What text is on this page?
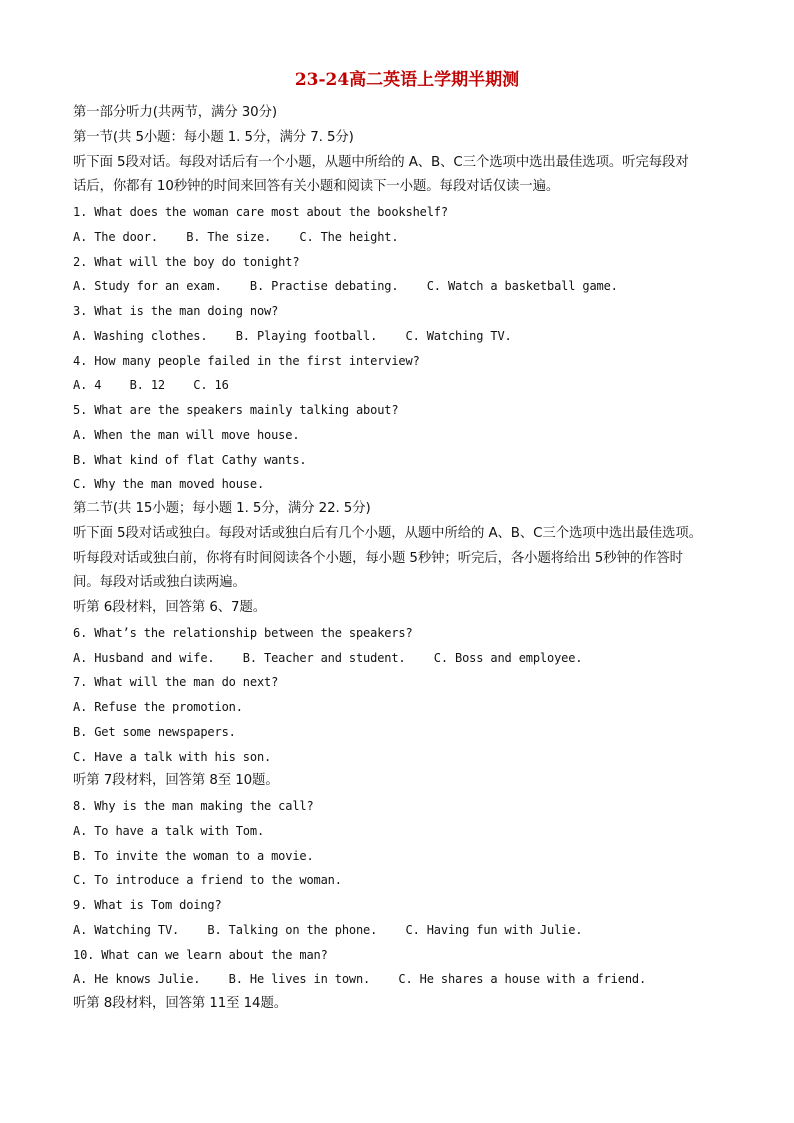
23-24高二英语上学期半期测

第一部分听力(共两节，满分 30分)

第一节(共 5小题：每小题 1. 5分，满分 7. 5分)

听下面 5段对话。每段对话后有一个小题，从题中所给的 A、B、C三个选项中选出最佳选项。听完每段对

话后，你都有 10秒钟的时间来回答有关小题和阅读下一小题。每段对话仅读一遍。

1. What does the woman care most about the bookshelf?

A. The door.    B. The size.    C. The height.

2. What will the boy do tonight?

A. Study for an exam.    B. Practise debating.    C. Watch a basketball game.

3. What is the man doing now?

A. Washing clothes.    B. Playing football.    C. Watching TV.

4. How many people failed in the first interview?

A. 4    B. 12    C. 16

5. What are the speakers mainly talking about?

A. When the man will move house.

B. What kind of flat Cathy wants.

C. Why the man moved house.

第二节(共 15小题；每小题 1. 5分，满分 22. 5分)

听下面 5段对话或独白。每段对话或独白后有几个小题，从题中所给的 A、B、C三个选项中选出最佳选项。

听每段对话或独白前，你将有时间阅读各个小题，每小题 5秒钟；听完后，各小题将给出 5秒钟的作答时

间。每段对话或独白读两遍。

听第 6段材料，回答第 6、7题。

6. What’s the relationship between the speakers?

A. Husband and wife.    B. Teacher and student.    C. Boss and employee.

7. What will the man do next?

A. Refuse the promotion.

B. Get some newspapers.

C. Have a talk with his son.

听第 7段材料，回答第 8至 10题。

8. Why is the man making the call?

A. To have a talk with Tom.

B. To invite the woman to a movie.

C. To introduce a friend to the woman.

9. What is Tom doing?

A. Watching TV.    B. Talking on the phone.    C. Having fun with Julie.

10. What can we learn about the man?

A. He knows Julie.    B. He lives in town.    C. He shares a house with a friend.

听第 8段材料，回答第 11至 14题。
